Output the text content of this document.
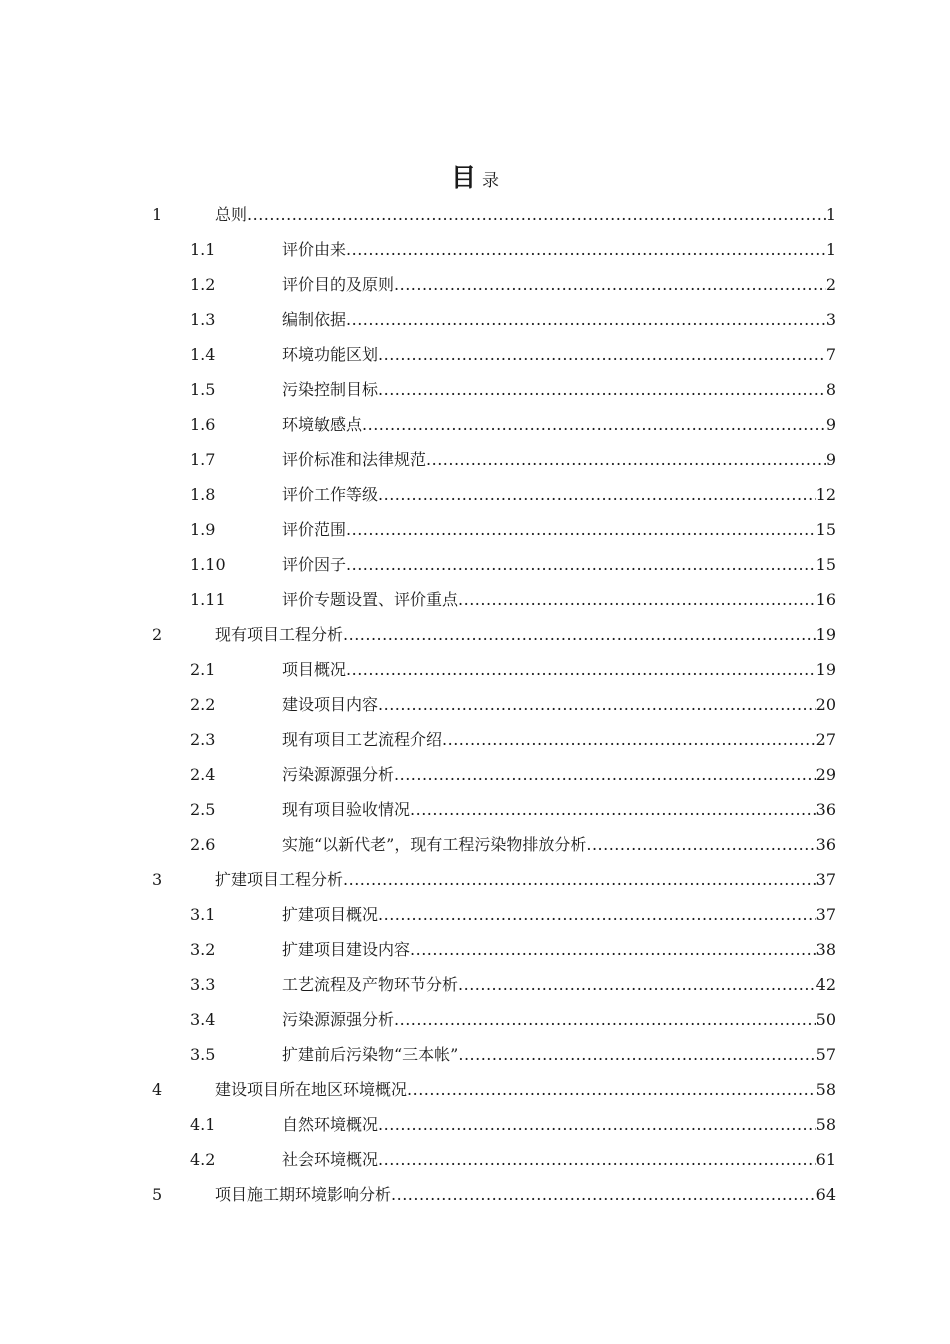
目 录
1	总则 .....	1
1.1	评价由来 .....	1
1.2	评价目的及原则 .....	2
1.3	编制依据 .....	3
1.4	环境功能区划 .....	7
1.5	污染控制目标 .....	8
1.6	环境敏感点 .....	9
1.7	评价标准和法律规范 .....	9
1.8	评价工作等级 .....	12
1.9	评价范围 .....	15
1.10	评价因子 .....	15
1.11	评价专题设置、评价重点 .....	16
2	现有项目工程分析 .....	19
2.1	项目概况 .....	19
2.2	建设项目内容 .....	20
2.3	现有项目工艺流程介绍 .....	27
2.4	污染源源强分析 .....	29
2.5	现有项目验收情况 .....	36
2.6	实施“以新代老”，现有工程污染物排放分析 .....	36
3	扩建项目工程分析 .....	37
3.1	扩建项目概况 .....	37
3.2	扩建项目建设内容 .....	38
3.3	工艺流程及产物环节分析 .....	42
3.4	污染源源强分析 .....	50
3.5	扩建前后污染物“三本帐” .....	57
4	建设项目所在地区环境概况 .....	58
4.1	自然环境概况 .....	58
4.2	社会环境概况 .....	61
5	项目施工期环境影响分析 .....	64
